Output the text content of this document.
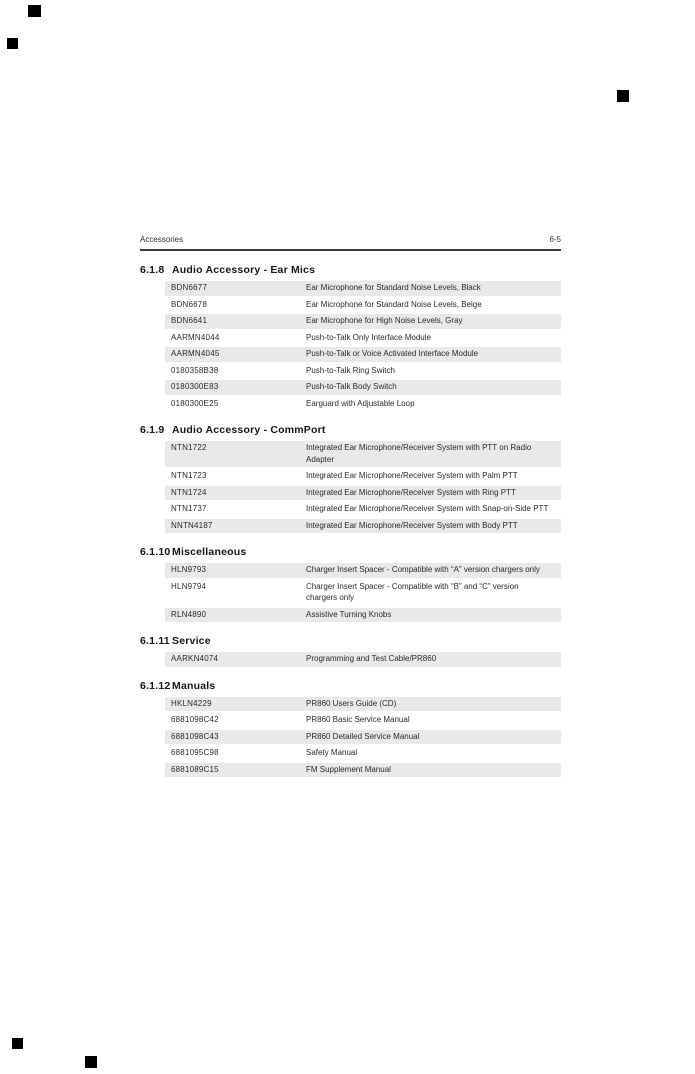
Accessories	6-5
6.1.8 Audio Accessory - Ear Mics
BDN6677	Ear Microphone for Standard Noise Levels, Black
BDN6678	Ear Microphone for Standard Noise Levels, Beige
BDN6641	Ear Microphone for High Noise Levels, Gray
AARMN4044	Push-to-Talk Only Interface Module
AARMN4045	Push-to-Talk or Voice Activated Interface Module
0180358B38	Push-to-Talk Ring Switch
0180300E83	Push-to-Talk Body Switch
0180300E25	Earguard with Adjustable Loop
6.1.9 Audio Accessory - CommPort
NTN1722	Integrated Ear Microphone/Receiver System with PTT on Radio Adapter
NTN1723	Integrated Ear Microphone/Receiver System with Palm PTT
NTN1724	Integrated Ear Microphone/Receiver System with Ring PTT
NTN1737	Integrated Ear Microphone/Receiver System with Snap-on-Side PTT
NNTN4187	Integrated Ear Microphone/Receiver System with Body PTT
6.1.10 Miscellaneous
HLN9793	Charger Insert Spacer - Compatible with “A” version chargers only
HLN9794	Charger Insert Spacer - Compatible with “B” and “C” version chargers only
RLN4890	Assistive Turning Knobs
6.1.11 Service
AARKN4074	Programming and Test Cable/PR860
6.1.12 Manuals
HKLN4229	PR860 Users Guide (CD)
6881098C42	PR860 Basic Service Manual
6881098C43	PR860 Detailed Service Manual
6881095C98	Safety Manual
6881089C15	FM Supplement Manual
